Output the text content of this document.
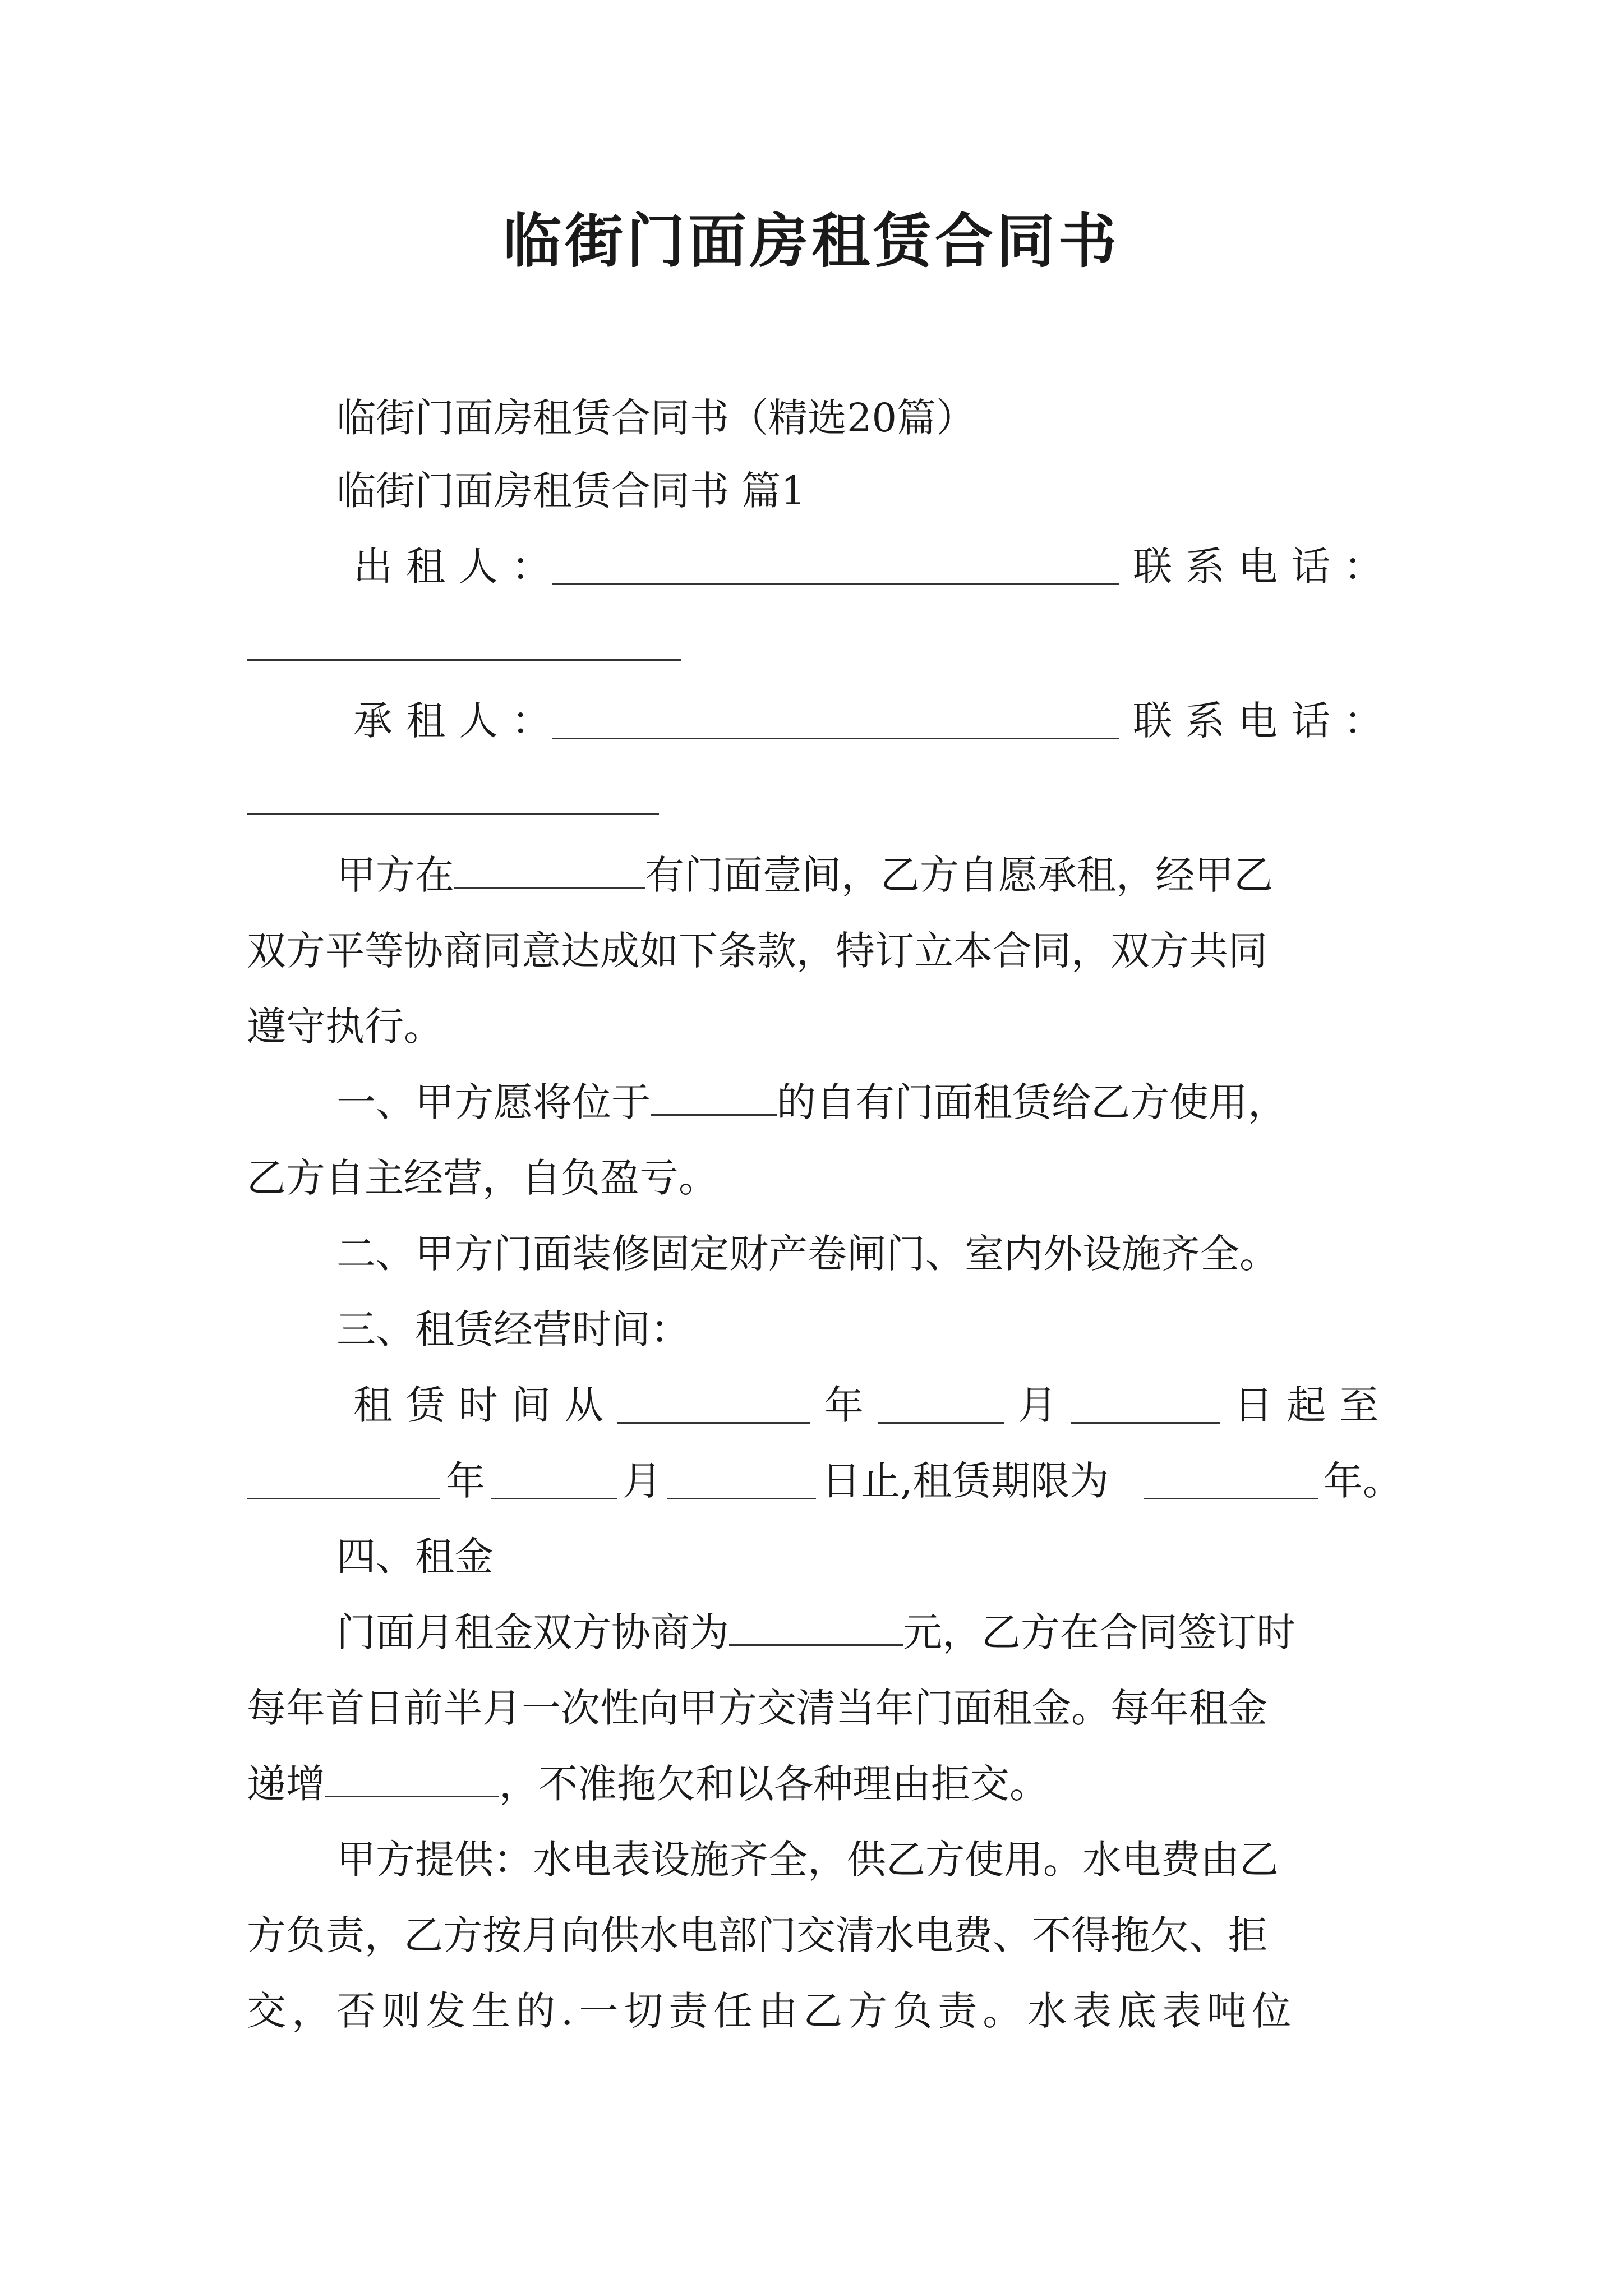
临街门面房租赁合同书
临街门面房租赁合同书（精选20篇）
临街门面房租赁合同书 篇1
出租人：	联系电话：
承租人：	联系电话：
甲方在	有门面壹间，乙方自愿承租，经甲乙
双方平等协商同意达成如下条款，特订立本合同，双方共同
遵守执行。
一、甲方愿将位于	的自有门面租赁给乙方使用，
乙方自主经营，自负盈亏。
二、甲方门面装修固定财产卷闸门、室内外设施齐全。
三、租赁经营时间：
租赁时间从	年	月	日起至
年	月	日止,租赁期限为	年。
四、租金
门面月租金双方协商为	元，乙方在合同签订时
每年首日前半月一次性向甲方交清当年门面租金。每年租金
递增	，不准拖欠和以各种理由拒交。
甲方提供：水电表设施齐全，供乙方使用。水电费由乙
方负责，乙方按月向供水电部门交清水电费、不得拖欠、拒
交，否则发生的.一切责任由乙方负责。水表底表吨位
